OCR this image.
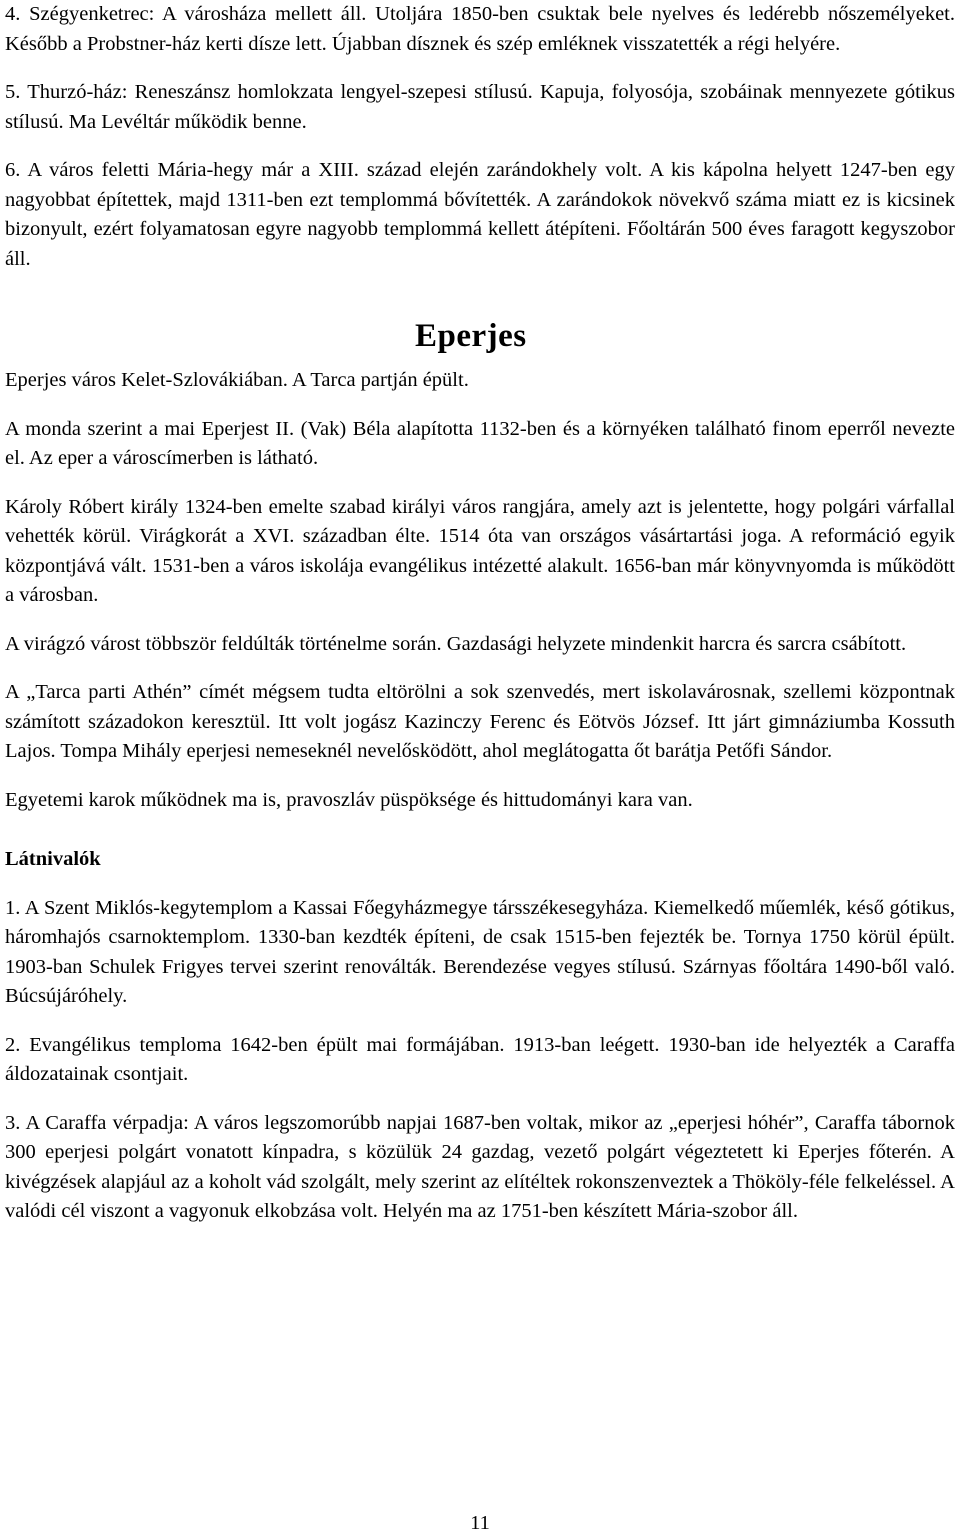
4. Szégyenketrec: A városháza mellett áll. Utoljára 1850-ben csuktak bele nyelves és ledérebb nőszemélyeket. Később a Probstner-ház kerti dísze lett. Újabban dísznek és szép emléknek visszatették a régi helyére.

5. Thurzó-ház: Reneszánsz homlokzata lengyel-szepesi stílusú. Kapuja, folyosója, szobáinak mennyezete gótikus stílusú. Ma Levéltár működik benne.

6. A város feletti Mária-hegy már a XIII. század elején zarándokhely volt. A kis kápolna helyett 1247-ben egy nagyobbat építettek, majd 1311-ben ezt templommá bővítették. A zarándokok növekvő száma miatt ez is kicsinek bizonyult, ezért folyamatosan egyre nagyobb templommá kellett átépíteni. Főoltárán 500 éves faragott kegyszobor áll.

Eperjes

Eperjes város Kelet-Szlovákiában. A Tarca partján épült.

A monda szerint a mai Eperjest II. (Vak) Béla alapította 1132-ben és a környéken található finom eperről nevezte el. Az eper a városcímerben is látható.

Károly Róbert király 1324-ben emelte szabad királyi város rangjára, amely azt is jelentette, hogy polgári várfallal vehették körül. Virágkorát a XVI. században élte. 1514 óta van országos vásártartási joga. A reformáció egyik központjává vált. 1531-ben a város iskolája evangélikus intézetté alakult. 1656-ban már könyvnyomda is működött a városban.

A virágzó várost többször feldúlták történelme során. Gazdasági helyzete mindenkit harcra és sarcra csábított.

A „Tarca parti Athén” címét mégsem tudta eltörölni a sok szenvedés, mert iskolavárosnak, szellemi központnak számított századokon keresztül. Itt volt jogász Kazinczy Ferenc és Eötvös József. Itt járt gimnáziumba Kossuth Lajos. Tompa Mihály eperjesi nemeseknél nevelősködött, ahol meglátogatta őt barátja Petőfi Sándor.

Egyetemi karok működnek ma is, pravoszláv püspöksége és hittudományi kara van.

Látnivalók

1. A Szent Miklós-kegytemplom a Kassai Főegyházmegye társszékesegyháza. Kiemelkedő műemlék, késő gótikus, háromhajós csarnoktemplom. 1330-ban kezdték építeni, de csak 1515-ben fejezték be. Tornya 1750 körül épült. 1903-ban Schulek Frigyes tervei szerint renoválták. Berendezése vegyes stílusú. Szárnyas főoltára 1490-ből való. Búcsújáróhely.

2. Evangélikus temploma 1642-ben épült mai formájában. 1913-ban leégett. 1930-ban ide helyezték a Caraffa áldozatainak csontjait.

3. A Caraffa vérpadja: A város legszomorúbb napjai 1687-ben voltak, mikor az „eperjesi hóhér”, Caraffa tábornok 300 eperjesi polgárt vonatott kínpadra, s közülük 24 gazdag, vezető polgárt végeztetett ki Eperjes főterén. A kivégzések alapjául az a koholt vád szolgált, mely szerint az elítéltek rokonszenveztek a Thököly-féle felkeléssel. A valódi cél viszont a vagyonuk elkobzása volt. Helyén ma az 1751-ben készített Mária-szobor áll.

11
